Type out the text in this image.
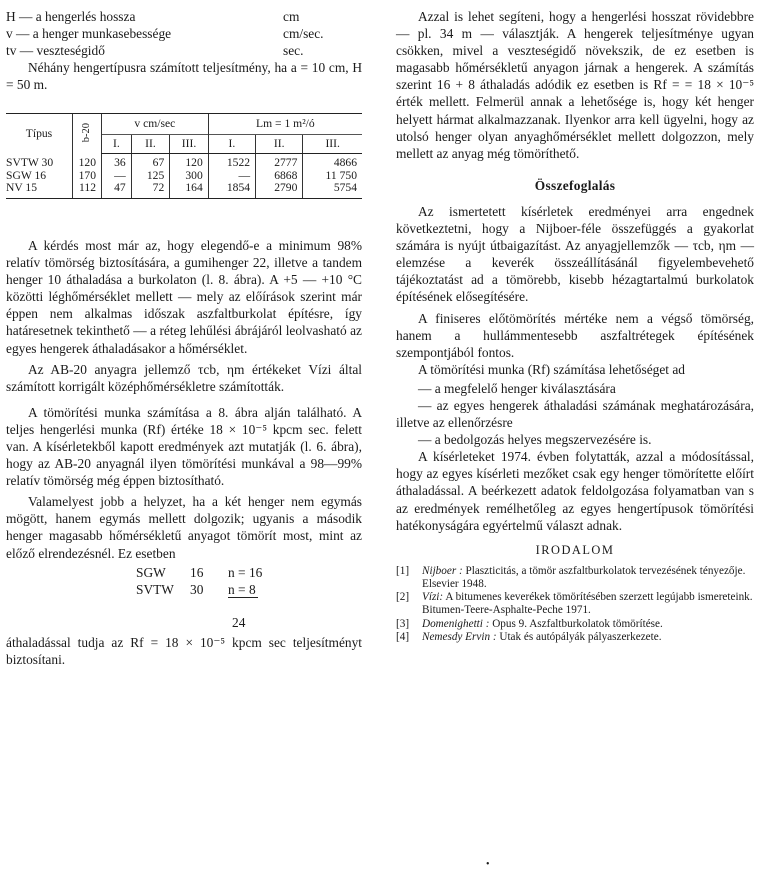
H — a hengerlés hossza	cm
v — a henger munkasebessége	cm/sec.
tv — veszteségidő	sec.

Néhány hengertípusra számított teljesítmény, ha a = 10 cm, H = 50 m.

Típus	b-20	v cm/sec			Lm = 1 m²/ó		
		I.	II.	III.	I.	II.	III.
SVTW 30	120	36	67	120	1522	2777	4866
SGW 16	170	—	125	300	—	6868	11 750
NV 15	112	47	72	164	1854	2790	5754

A kérdés most már az, hogy elegendő-e a minimum 98% relatív tömörség biztosítására, a gumihenger 22, illetve a tandem henger 10 áthaladása a burkolaton (l. 8. ábra). A +5 — +10 °C közötti léghőmérséklet mellett — mely az előírások szerint már éppen nem alkalmas időszak aszfaltburkolat építésre, így határesetnek tekinthető — a réteg lehűlési ábrájáról leolvasható az egyes hengerek áthaladásakor a hőmérséklet.

Az AB-20 anyagra jellemző τcb, ηm értékeket Vízi által számított korrigált középhőmérsékletre számították.

A tömörítési munka számítása a 8. ábra alján található. A teljes hengerlési munka (Rf) értéke 18 × 10⁻⁵ kpcm sec. felett van. A kísérletekből kapott eredmények azt mutatják (l. 6. ábra), hogy az AB-20 anyagnál ilyen tömörítési munkával a 98—99% relatív tömörség még éppen biztosítható.

Valamelyest jobb a helyzet, ha a két henger nem egymás mögött, hanem egymás mellett dolgozik; ugyanis a második henger magasabb hőmérsékletű anyagot tömörít most, mint az előző elrendezésnél. Ez esetben

SGW 16 n = 16
SVTW 30 n = 8
24

áthaladással tudja az Rf = 18 × 10⁻⁵ kpcm sec teljesítményt biztosítani.

Azzal is lehet segíteni, hogy a hengerlési hosszat rövidebbre — pl. 34 m — választják. A hengerek teljesítménye ugyan csökken, mivel a veszteségidő növekszik, de ez esetben is magasabb hőmérsékletű anyagon járnak a hengerek. A számítás szerint 16 + 8 áthaladás adódik ez esetben is Rf = = 18 × 10⁻⁵ érték mellett. Felmerül annak a lehetősége is, hogy két henger helyett hármat alkalmazzanak. Ilyenkor arra kell ügyelni, hogy az utolsó henger olyan anyaghőmérséklet mellett dolgozzon, mely mellett az anyag még tömöríthető.

Összefoglalás

Az ismertetett kísérletek eredményei arra engednek következtetni, hogy a Nijboer-féle összefüggés a gyakorlat számára is nyújt útbaigazítást. Az anyagjellemzők — τcb, ηm — elemzése a keverék összeállításánál figyelembevehető tájékoztatást ad a tömörebb, kisebb hézagtartalmú burkolatok építésének elősegítésére.

A finiseres előtömörítés mértéke nem a végső tömörség, hanem a hullámmentesebb aszfaltrétegek építésének szempontjából fontos.

A tömörítési munka (Rf) számítása lehetőséget ad

— a megfelelő henger kiválasztására

— az egyes hengerek áthaladási számának meghatározására, illetve az ellenőrzésre

— a bedolgozás helyes megszervezésére is.

A kísérleteket 1974. évben folytatták, azzal a módosítással, hogy az egyes kísérleti mezőket csak egy henger tömörítette előírt áthaladással. A beérkezett adatok feldolgozása folyamatban van s az eredmények remélhetőleg az egyes hengertípusok tömörítési hatékonyságára egyértelmű választ adnak.

IRODALOM
[1] Nijboer : Plaszticitás, a tömör aszfaltburkolatok tervezésének tényezője. Elsevier 1948.
[2] Vízi: A bitumenes keverékek tömörítésében szerzett legújabb ismereteink. Bitumen-Teere-Asphalte-Peche 1971.
[3] Domenighetti : Opus 9. Aszfaltburkolatok tömörítése.
[4] Nemesdy Ervin : Utak és autópályák pályaszerkezete.
•
